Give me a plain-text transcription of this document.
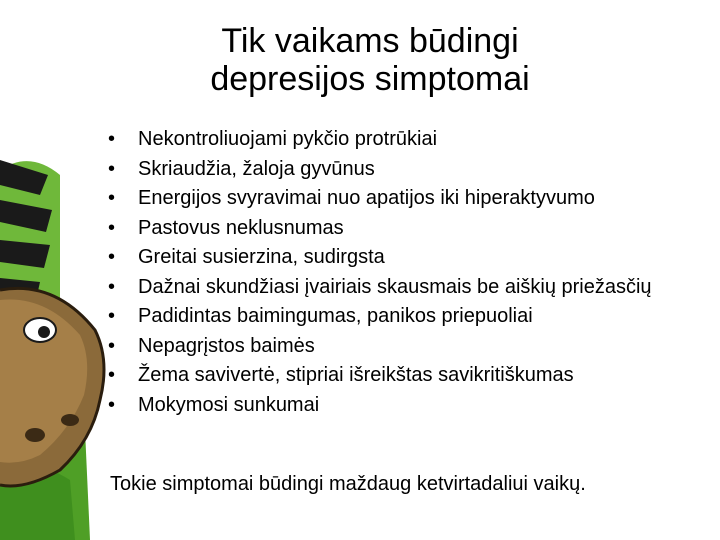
Tik vaikams būdingi
depresijos simptomai
•	Nekontroliuojami pykčio protrūkiai
•	Skriaudžia, žaloja gyvūnus
•	Energijos svyravimai nuo apatijos iki hiperaktyvumo
•	Pastovus neklusnumas
•	Greitai susierzina, sudirgsta
•	Dažnai skundžiasi įvairiais skausmais be aiškių priežasčių
•	Padidintas baimingumas, panikos priepuoliai
•	Nepagrįstos baimės
•	Žema savivertė, stipriai išreikštas savikritiškumas
•	Mokymosi sunkumai
Tokie simptomai būdingi maždaug ketvirtadaliui vaikų.
